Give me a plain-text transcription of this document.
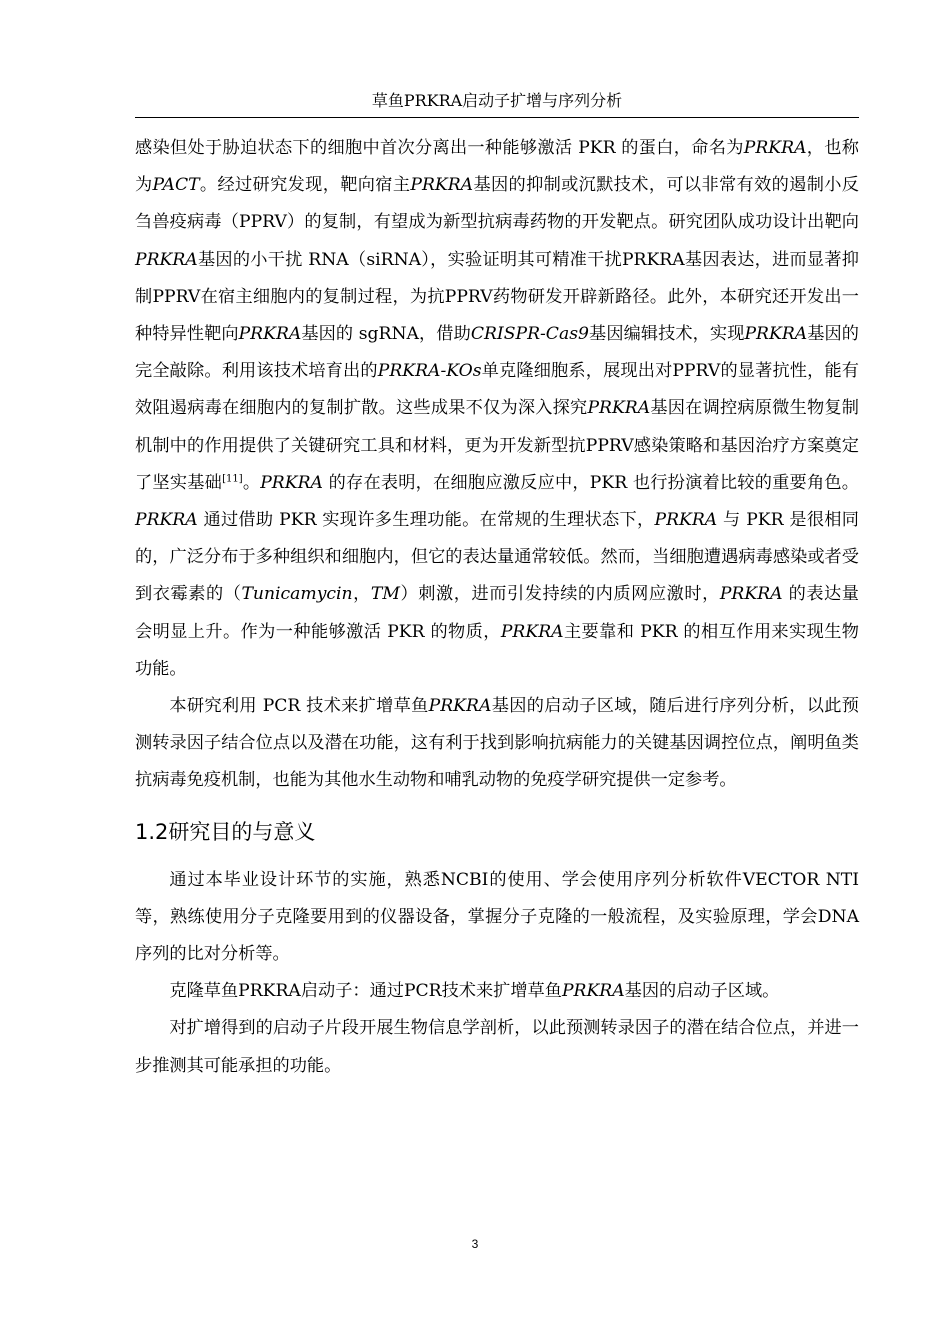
草鱼PRKRA启动子扩增与序列分析

感染但处于胁迫状态下的细胞中首次分离出一种能够激活 PKR 的蛋白，命名为PRKRA，也称为PACT。经过研究发现，靶向宿主PRKRA基因的抑制或沉默技术，可以非常有效的遏制小反刍兽疫病毒（PPRV）的复制，有望成为新型抗病毒药物的开发靶点。研究团队成功设计出靶向PRKRA基因的小干扰 RNA（siRNA），实验证明其可精准干扰PRKRA基因表达，进而显著抑制PPRV在宿主细胞内的复制过程，为抗PPRV药物研发开辟新路径。此外，本研究还开发出一种特异性靶向PRKRA基因的 sgRNA，借助CRISPR-Cas9基因编辑技术，实现PRKRA基因的完全敲除。利用该技术培育出的PRKRA-KOs单克隆细胞系，展现出对PPRV的显著抗性，能有效阻遏病毒在细胞内的复制扩散。这些成果不仅为深入探究PRKRA基因在调控病原微生物复制机制中的作用提供了关键研究工具和材料，更为开发新型抗PPRV感染策略和基因治疗方案奠定了坚实基础[11]。PRKRA 的存在表明，在细胞应激反应中，PKR 也行扮演着比较的重要角色。PRKRA 通过借助 PKR 实现许多生理功能。在常规的生理状态下，PRKRA 与 PKR 是很相同的，广泛分布于多种组织和细胞内，但它的表达量通常较低。然而，当细胞遭遇病毒感染或者受到衣霉素的（Tunicamycin，TM）刺激，进而引发持续的内质网应激时，PRKRA 的表达量会明显上升。作为一种能够激活 PKR 的物质，PRKRA主要靠和 PKR 的相互作用来实现生物功能。

本研究利用 PCR 技术来扩增草鱼PRKRA基因的启动子区域，随后进行序列分析，以此预测转录因子结合位点以及潜在功能，这有利于找到影响抗病能力的关键基因调控位点，阐明鱼类抗病毒免疫机制，也能为其他水生动物和哺乳动物的免疫学研究提供一定参考。

1.2研究目的与意义

通过本毕业设计环节的实施，熟悉NCBI的使用、学会使用序列分析软件VECTOR NTI等，熟练使用分子克隆要用到的仪器设备，掌握分子克隆的一般流程，及实验原理，学会DNA序列的比对分析等。

克隆草鱼PRKRA启动子：通过PCR技术来扩增草鱼PRKRA基因的启动子区域。

对扩增得到的启动子片段开展生物信息学剖析，以此预测转录因子的潜在结合位点，并进一步推测其可能承担的功能。

3
